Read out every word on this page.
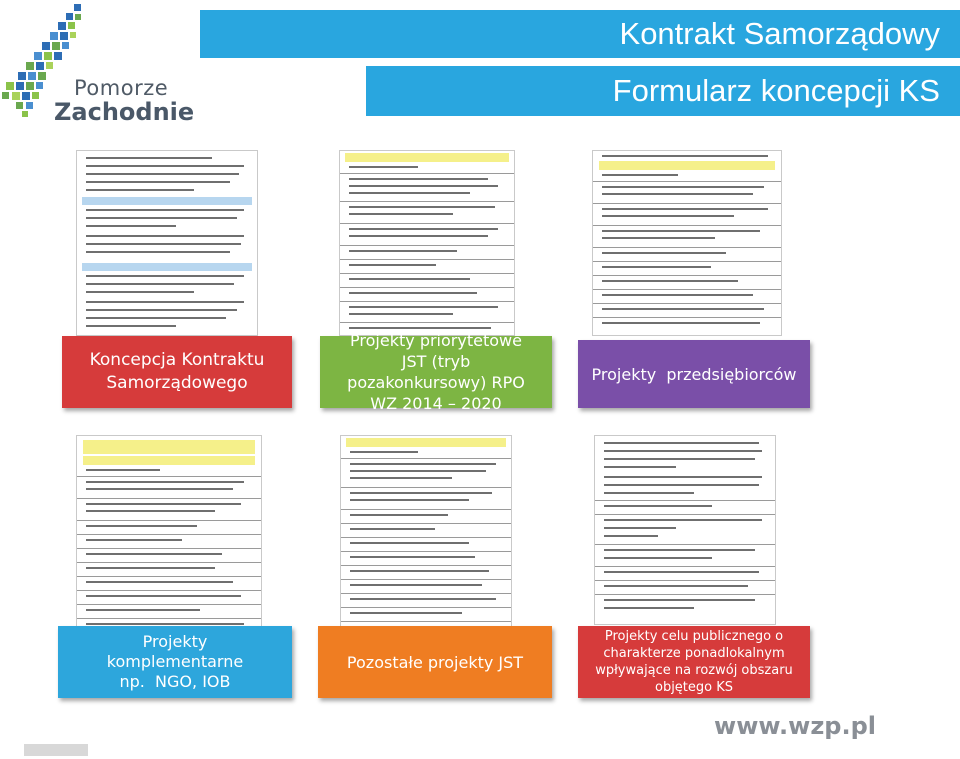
Pomorze
Zachodnie
Kontrakt Samorządowy
Formularz koncepcji KS
Koncepcja Kontraktu Samorządowego
Projekty priorytetowe JST (tryb pozakonkursowy) RPO WZ 2014 – 2020
Projekty  przedsiębiorców
Projekty komplementarne np.  NGO, IOB
Pozostałe projekty JST
Projekty celu publicznego o charakterze ponadlokalnym wpływające na rozwój obszaru objętego KS
www.wzp.pl
